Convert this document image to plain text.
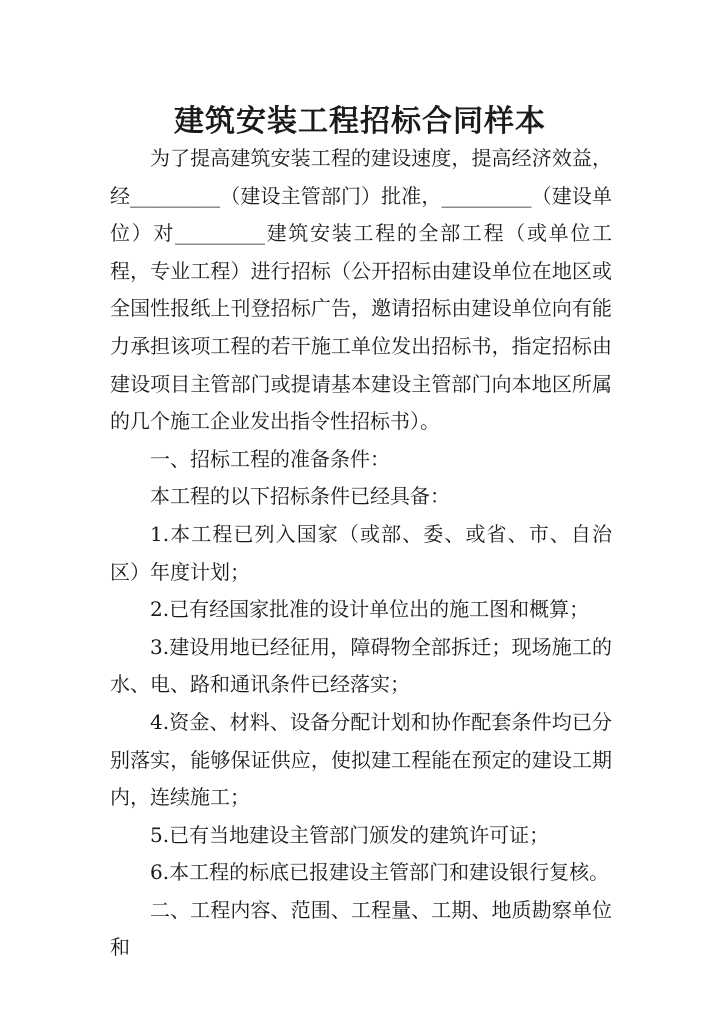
建筑安装工程招标合同样本

为了提高建筑安装工程的建设速度，提高经济效益，经_________（建设主管部门）批准，_________（建设单位）对_________建筑安装工程的全部工程（或单位工程，专业工程）进行招标（公开招标由建设单位在地区或全国性报纸上刊登招标广告，邀请招标由建设单位向有能力承担该项工程的若干施工单位发出招标书，指定招标由建设项目主管部门或提请基本建设主管部门向本地区所属的几个施工企业发出指令性招标书）。

一、招标工程的准备条件：

本工程的以下招标条件已经具备：

1.本工程已列入国家（或部、委、或省、市、自治区）年度计划；

2.已有经国家批准的设计单位出的施工图和概算；

3.建设用地已经征用，障碍物全部拆迁；现场施工的水、电、路和通讯条件已经落实；

4.资金、材料、设备分配计划和协作配套条件均已分别落实，能够保证供应，使拟建工程能在预定的建设工期内，连续施工；

5.已有当地建设主管部门颁发的建筑许可证；

6.本工程的标底已报建设主管部门和建设银行复核。

二、工程内容、范围、工程量、工期、地质勘察单位和
